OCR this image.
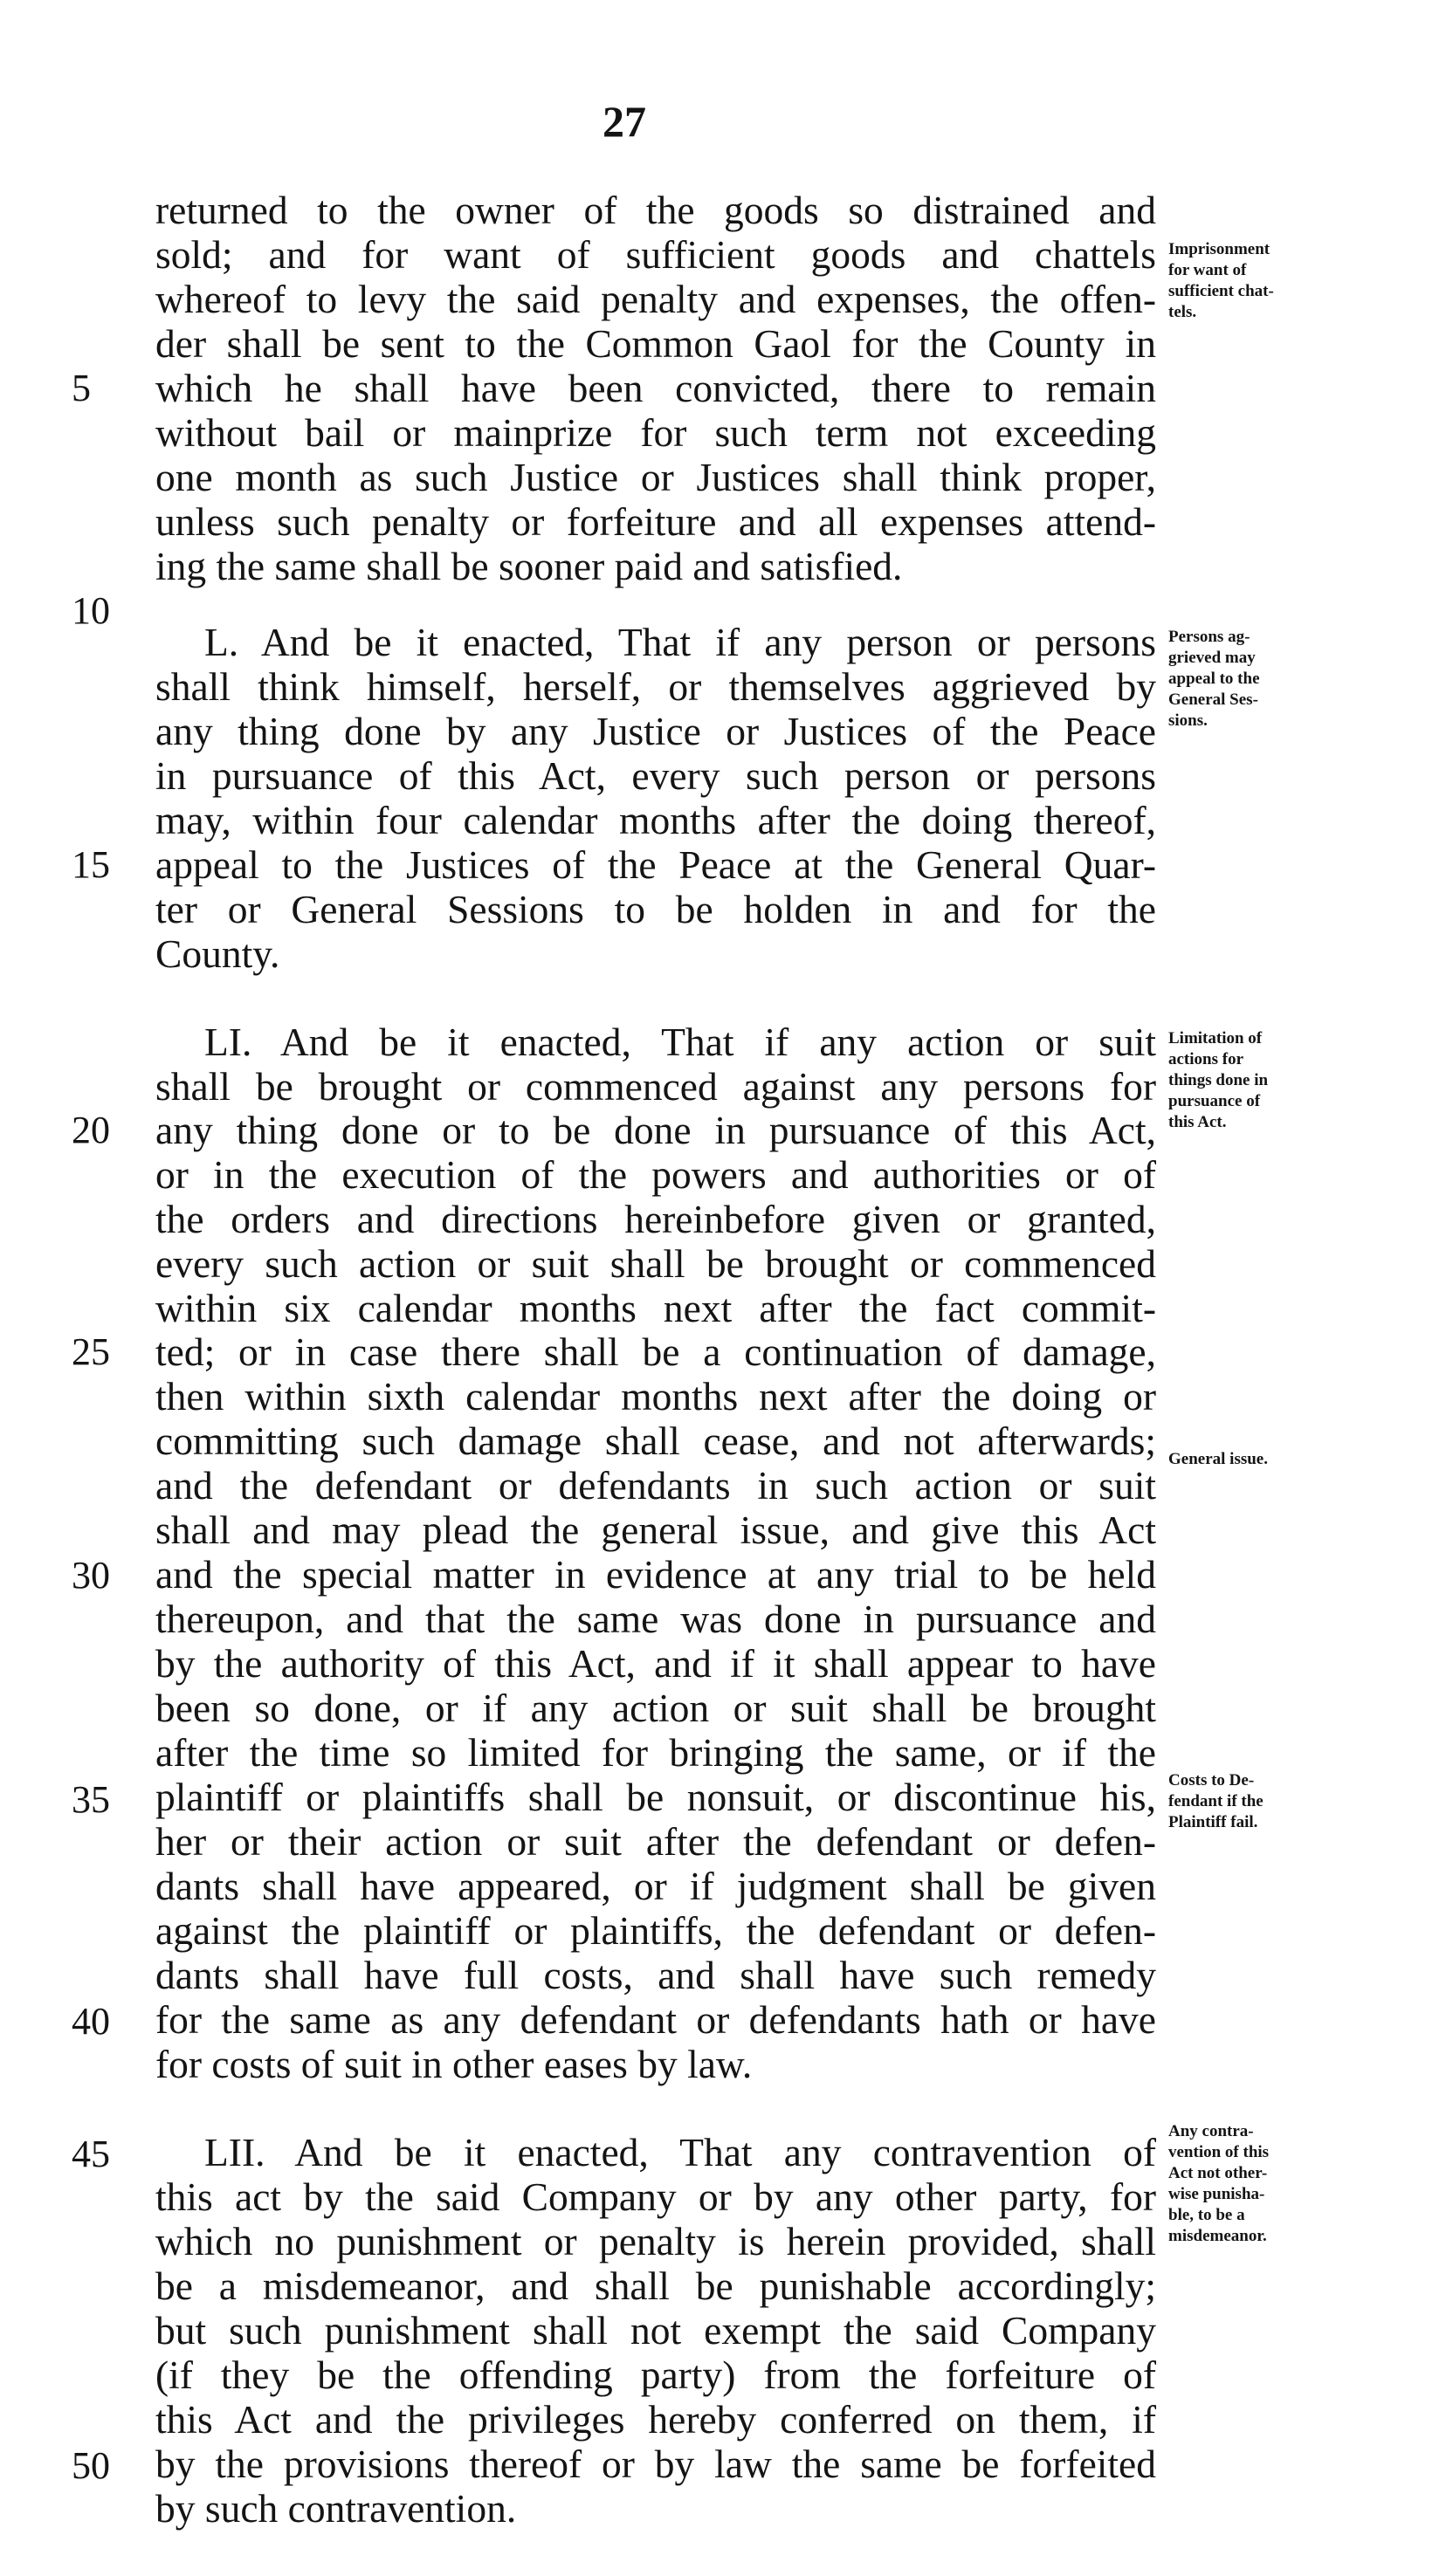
27
5
10
15
20
25
30
35
40
45
50
returned to the owner of the goods so distrained and
sold; and for want of sufficient goods and chattels
whereof to levy the said penalty and expenses, the offen-
der shall be sent to the Common Gaol for the County in
which he shall have been convicted, there to remain
without bail or mainprize for such term not exceeding
one month as such Justice or Justices shall think proper,
unless such penalty or forfeiture and all expenses attend-
ing the same shall be sooner paid and satisfied.
L. And be it enacted, That if any person or persons
shall think himself, herself, or themselves aggrieved by
any thing done by any Justice or Justices of the Peace
in pursuance of this Act, every such person or persons
may, within four calendar months after the doing thereof,
appeal to the Justices of the Peace at the General Quar-
ter or General Sessions to be holden in and for the
County.
LI. And be it enacted, That if any action or suit
shall be brought or commenced against any persons for
any thing done or to be done in pursuance of this Act,
or in the execution of the powers and authorities or of
the orders and directions hereinbefore given or granted,
every such action or suit shall be brought or commenced
within six calendar months next after the fact commit-
ted; or in case there shall be a continuation of damage,
then within sixth calendar months next after the doing or
committing such damage shall cease, and not afterwards;
and the defendant or defendants in such action or suit
shall and may plead the general issue, and give this Act
and the special matter in evidence at any trial to be held
thereupon, and that the same was done in pursuance and
by the authority of this Act, and if it shall appear to have
been so done, or if any action or suit shall be brought
after the time so limited for bringing the same, or if the
plaintiff or plaintiffs shall be nonsuit, or discontinue his,
her or their action or suit after the defendant or defen-
dants shall have appeared, or if judgment shall be given
against the plaintiff or plaintiffs, the defendant or defen-
dants shall have full costs, and shall have such remedy
for the same as any defendant or defendants hath or have
for costs of suit in other eases by law.
LII. And be it enacted, That any contravention of
this act by the said Company or by any other party, for
which no punishment or penalty is herein provided, shall
be a misdemeanor, and shall be punishable accordingly;
but such punishment shall not exempt the said Company
(if they be the offending party) from the forfeiture of
this Act and the privileges hereby conferred on them, if
by the provisions thereof or by law the same be forfeited
by such contravention.
Imprisonment
for want of
sufficient chat-
tels.
Persons ag-
grieved may
appeal to the
General Ses-
sions.
Limitation of
actions for
things done in
pursuance of
this Act.
General issue.
Costs to De-
fendant if the
Plaintiff fail.
Any contra-
vention of this
Act not other-
wise punisha-
ble, to be a
misdemeanor.
